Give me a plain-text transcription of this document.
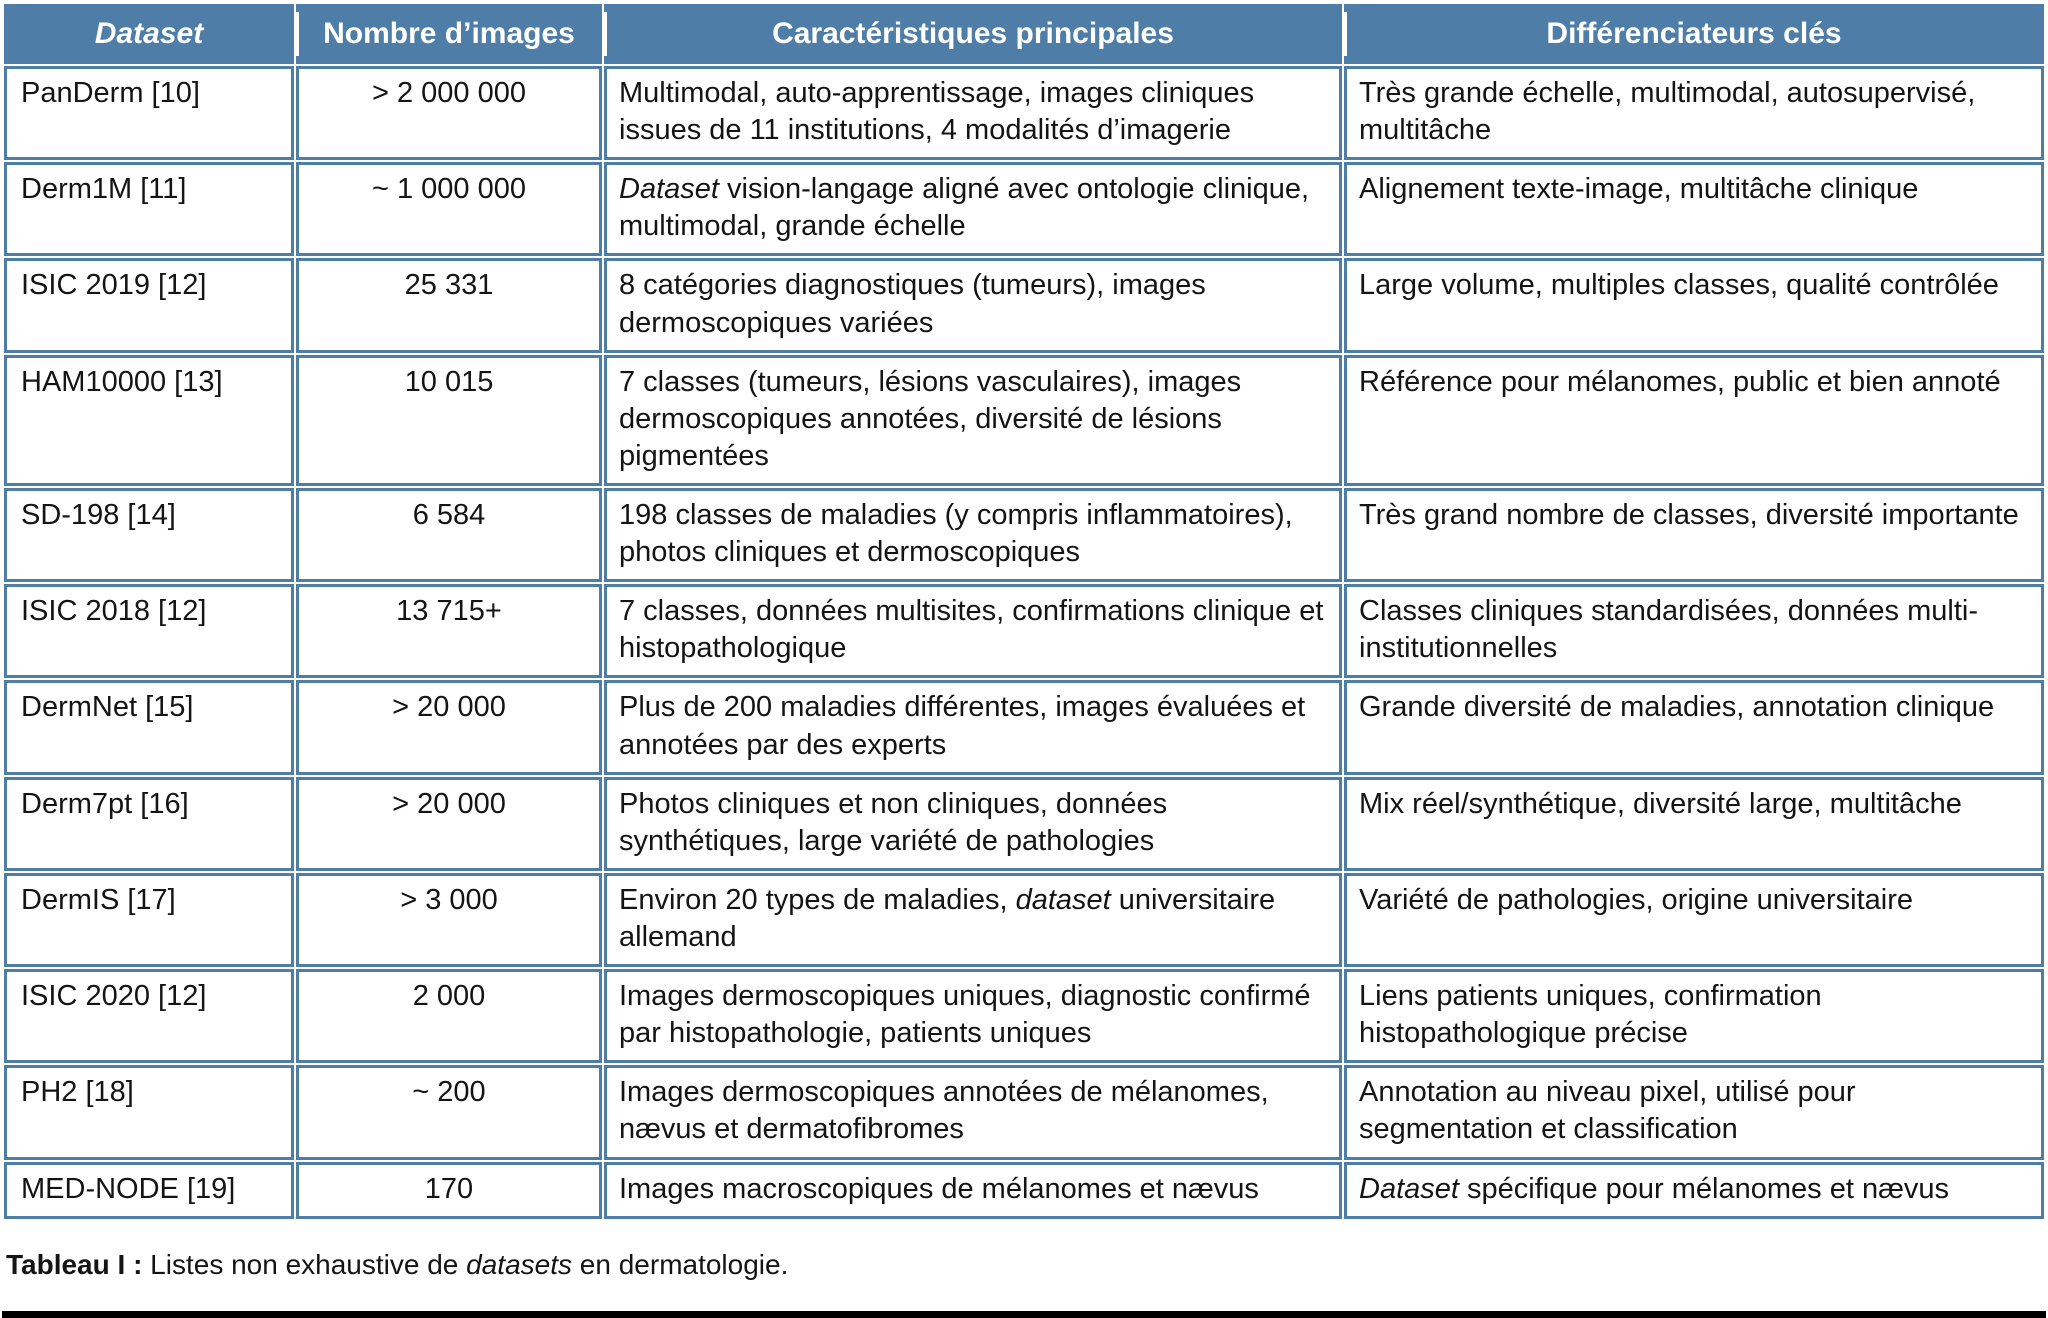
Dataset	Nombre d’images	Caractéristiques principales	Différenciateurs clés
PanDerm [10]	> 2 000 000	Multimodal, auto-apprentissage, images cliniques issues de 11 institutions, 4 modalités d’imagerie	Très grande échelle, multimodal, autosupervisé, multitâche
Derm1M [11]	~ 1 000 000	Dataset vision-langage aligné avec ontologie clinique, multimodal, grande échelle	Alignement texte-image, multitâche clinique
ISIC 2019 [12]	25 331	8 catégories diagnostiques (tumeurs), images dermoscopiques variées	Large volume, multiples classes, qualité contrôlée
HAM10000 [13]	10 015	7 classes (tumeurs, lésions vasculaires), images dermoscopiques annotées, diversité de lésions pigmentées	Référence pour mélanomes, public et bien annoté
SD-198 [14]	6 584	198 classes de maladies (y compris inflammatoires), photos cliniques et dermoscopiques	Très grand nombre de classes, diversité importante
ISIC 2018 [12]	13 715+	7 classes, données multisites, confirmations clinique et histopathologique	Classes cliniques standardisées, données multi-institutionnelles
DermNet [15]	> 20 000	Plus de 200 maladies différentes, images évaluées et annotées par des experts	Grande diversité de maladies, annotation clinique
Derm7pt [16]	> 20 000	Photos cliniques et non cliniques, données synthétiques, large variété de pathologies	Mix réel/synthétique, diversité large, multitâche
DermIS [17]	> 3 000	Environ 20 types de maladies, dataset universitaire allemand	Variété de pathologies, origine universitaire
ISIC 2020 [12]	2 000	Images dermoscopiques uniques, diagnostic confirmé par histopathologie, patients uniques	Liens patients uniques, confirmation histopathologique précise
PH2 [18]	~ 200	Images dermoscopiques annotées de mélanomes, nævus et dermatofibromes	Annotation au niveau pixel, utilisé pour segmentation et classification
MED-NODE [19]	170	Images macroscopiques de mélanomes et nævus	Dataset spécifique pour mélanomes et nævus

Tableau I : Listes non exhaustive de datasets en dermatologie.
